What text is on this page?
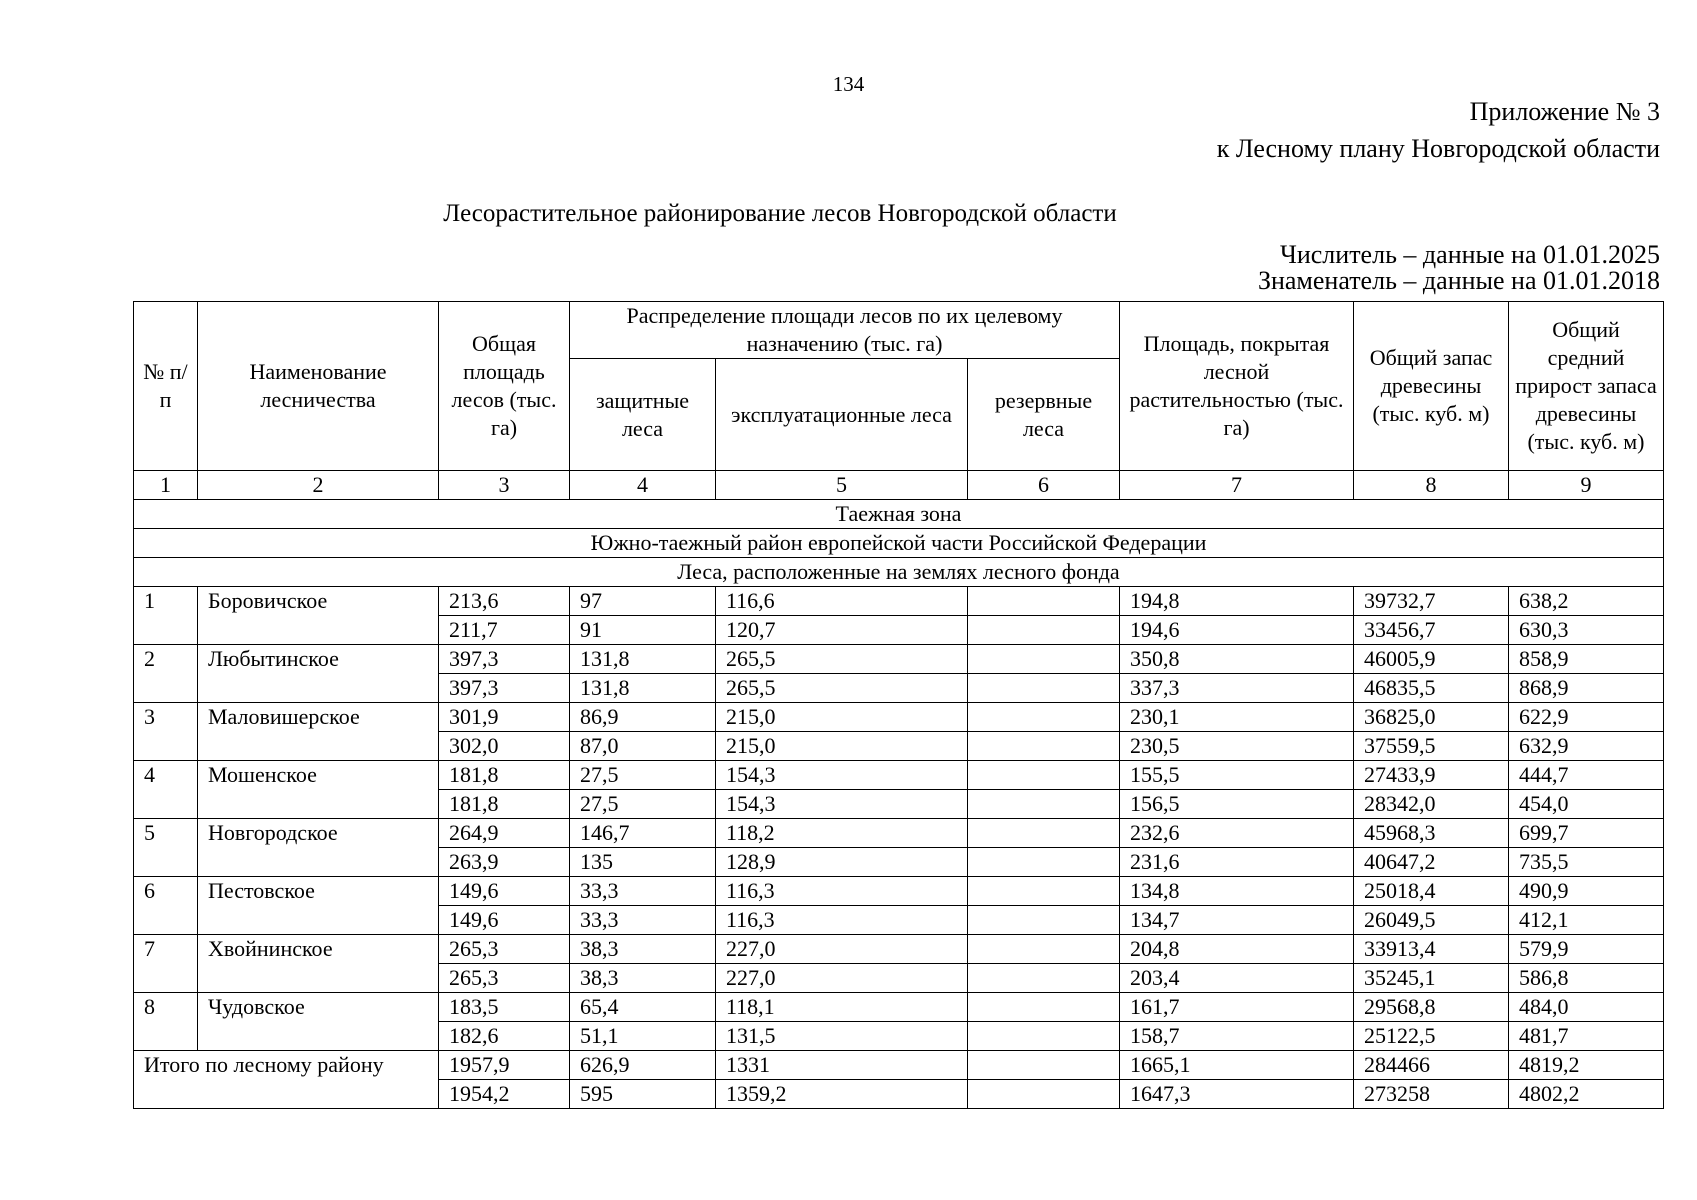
134
Приложение № 3
к Лесному плану Новгородской области
Лесорастительное районирование лесов Новгородской области
Числитель – данные на 01.01.2025
Знаменатель – данные на 01.01.2018
№ п/п	Наименование лесничества	Общая площадь лесов (тыс. га)	Распределение площади лесов по их целевому назначению (тыс. га)			Площадь, покрытая лесной растительностью (тыс. га)	Общий запас древесины (тыс. куб. м)	Общий средний прирост запаса древесины (тыс. куб. м)
			защитные леса	эксплуатационные леса	резервные леса			
1	2	3	4	5	6	7	8	9
Таежная зона								
Южно-таежный район европейской части Российской Федерации								
Леса, расположенные на землях лесного фонда								
1	Боровичское	213,6	97	116,6		194,8	39732,7	638,2
		211,7	91	120,7		194,6	33456,7	630,3
2	Любытинское	397,3	131,8	265,5		350,8	46005,9	858,9
		397,3	131,8	265,5		337,3	46835,5	868,9
3	Маловишерское	301,9	86,9	215,0		230,1	36825,0	622,9
		302,0	87,0	215,0		230,5	37559,5	632,9
4	Мошенское	181,8	27,5	154,3		155,5	27433,9	444,7
		181,8	27,5	154,3		156,5	28342,0	454,0
5	Новгородское	264,9	146,7	118,2		232,6	45968,3	699,7
		263,9	135	128,9		231,6	40647,2	735,5
6	Пестовское	149,6	33,3	116,3		134,8	25018,4	490,9
		149,6	33,3	116,3		134,7	26049,5	412,1
7	Хвойнинское	265,3	38,3	227,0		204,8	33913,4	579,9
		265,3	38,3	227,0		203,4	35245,1	586,8
8	Чудовское	183,5	65,4	118,1		161,7	29568,8	484,0
		182,6	51,1	131,5		158,7	25122,5	481,7
Итого по лесному району		1957,9	626,9	1331		1665,1	284466	4819,2
		1954,2	595	1359,2		1647,3	273258	4802,2
